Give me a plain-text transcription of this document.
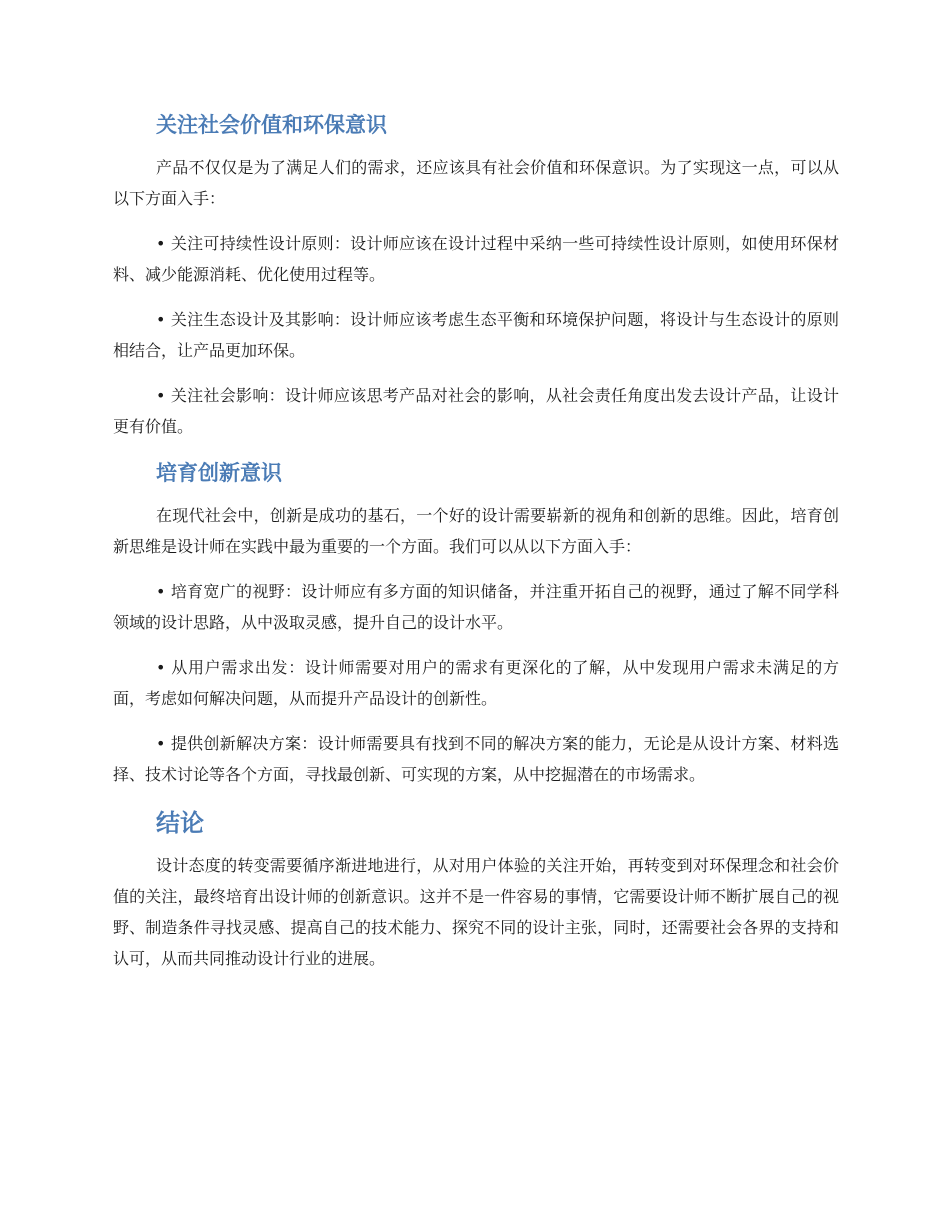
关注社会价值和环保意识

产品不仅仅是为了满足人们的需求，还应该具有社会价值和环保意识。为了实现这一点，可以从以下方面入手：

• 关注可持续性设计原则：设计师应该在设计过程中采纳一些可持续性设计原则，如使用环保材料、减少能源消耗、优化使用过程等。

• 关注生态设计及其影响：设计师应该考虑生态平衡和环境保护问题，将设计与生态设计的原则相结合，让产品更加环保。

• 关注社会影响：设计师应该思考产品对社会的影响，从社会责任角度出发去设计产品，让设计更有价值。

培育创新意识

在现代社会中，创新是成功的基石，一个好的设计需要崭新的视角和创新的思维。因此，培育创新思维是设计师在实践中最为重要的一个方面。我们可以从以下方面入手：

• 培育宽广的视野：设计师应有多方面的知识储备，并注重开拓自己的视野，通过了解不同学科领域的设计思路，从中汲取灵感，提升自己的设计水平。

• 从用户需求出发：设计师需要对用户的需求有更深化的了解，从中发现用户需求未满足的方面，考虑如何解决问题，从而提升产品设计的创新性。

• 提供创新解决方案：设计师需要具有找到不同的解决方案的能力，无论是从设计方案、材料选择、技术讨论等各个方面，寻找最创新、可实现的方案，从中挖掘潜在的市场需求。

结论

设计态度的转变需要循序渐进地进行，从对用户体验的关注开始，再转变到对环保理念和社会价值的关注，最终培育出设计师的创新意识。这并不是一件容易的事情，它需要设计师不断扩展自己的视野、制造条件寻找灵感、提高自己的技术能力、探究不同的设计主张，同时，还需要社会各界的支持和认可，从而共同推动设计行业的进展。
